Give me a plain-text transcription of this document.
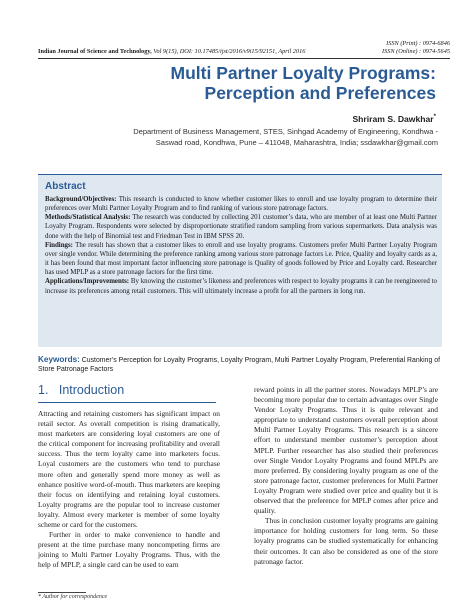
ISSN (Print) : 0974-6846
ISSN (Online) : 0974-5645
Indian Journal of Science and Technology, Vol 9(15), DOI: 10.17485/ijst/2016/v9i15/92151, April 2016
Multi Partner Loyalty Programs:
Perception and Preferences
Shriram S. Dawkhar*
Department of Business Management, STES, Sinhgad Academy of Engineering, Kondhwa - Saswad road, Kondhwa, Pune – 411048, Maharashtra, India; ssdawkhar@gmail.com
Abstract

Background/Objectives: This research is conducted to know whether customer likes to enroll and use loyalty program to determine their preferences over Multi Partner Loyalty Program and to find ranking of various store patronage factors.

Methods/Statistical Analysis: The research was conducted by collecting 201 customer’s data, who are member of at least one Multi Partner Loyalty Program. Respondents were selected by disproportionate stratified random sampling from various supermarkets. Data analysis was done with the help of Binomial test and Friedman Test in IBM SPSS 20.

Findings: The result has shown that a customer likes to enroll and use loyalty programs. Customers prefer Multi Partner Loyalty Program over single vendor. While determining the preference ranking among various store patronage factors i.e. Price, Quality and loyalty cards as a, it has been found that most important factor influencing store patronage is Quality of goods followed by Price and Loyalty card. Researcher has used MPLP as a store patronage factors for the first time.

Applications/Improvements: By knowing the customer’s likeness and preferences with respect to loyalty programs it can be reengineered to increase its preferences among retail customers. This will ultimately increase a profit for all the partners in long run.

Keywords: Customer’s Perception for Loyalty Programs, Loyalty Program, Multi Partner Loyalty Program, Preferential Ranking of Store Patronage Factors
1.   Introduction

Attracting and retaining customers has significant impact on retail sector. As overall competition is rising dramatically, most marketers are considering loyal customers are one of the critical component for increasing profitability and overall success. Thus the term loyalty came into marketers focus. Loyal customers are the customers who tend to purchase more often and generally spend more money as well as enhance positive word-of-mouth. Thus marketers are keeping their focus on identifying and retaining loyal customers. Loyalty programs are the popular tool to increase customer loyalty. Almost every marketer is member of some loyalty scheme or card for the customers.

Further in order to make convenience to handle and present at the time purchase many noncompeting firms are joining to Multi Partner Loyalty Programs. Thus, with the help of MPLP, a single card can be used to earn

reward points in all the partner stores. Nowadays MPLP’s are becoming more popular due to certain advantages over Single Vendor Loyalty Programs. Thus it is quite relevant and appropriate to understand customers overall perception about Multi Partner Loyalty Programs. This research is a sincere effort to understand member customer’s perception about MPLP. Further researcher has also studied their preferences over Single Vendor Loyalty Programs and found MPLPs are more preferred. By considering loyalty program as one of the store patronage factor, customer preferences for Multi Partner Loyalty Program were studied over price and quality but it is observed that the preference for MPLP comes after price and quality.

Thus in conclusion customer loyalty programs are gaining importance for holding customers for long term. So these loyalty programs can be studied systematically for enhancing their outcomes. It can also be considered as one of the store patronage factor.

* Author for correspondence
